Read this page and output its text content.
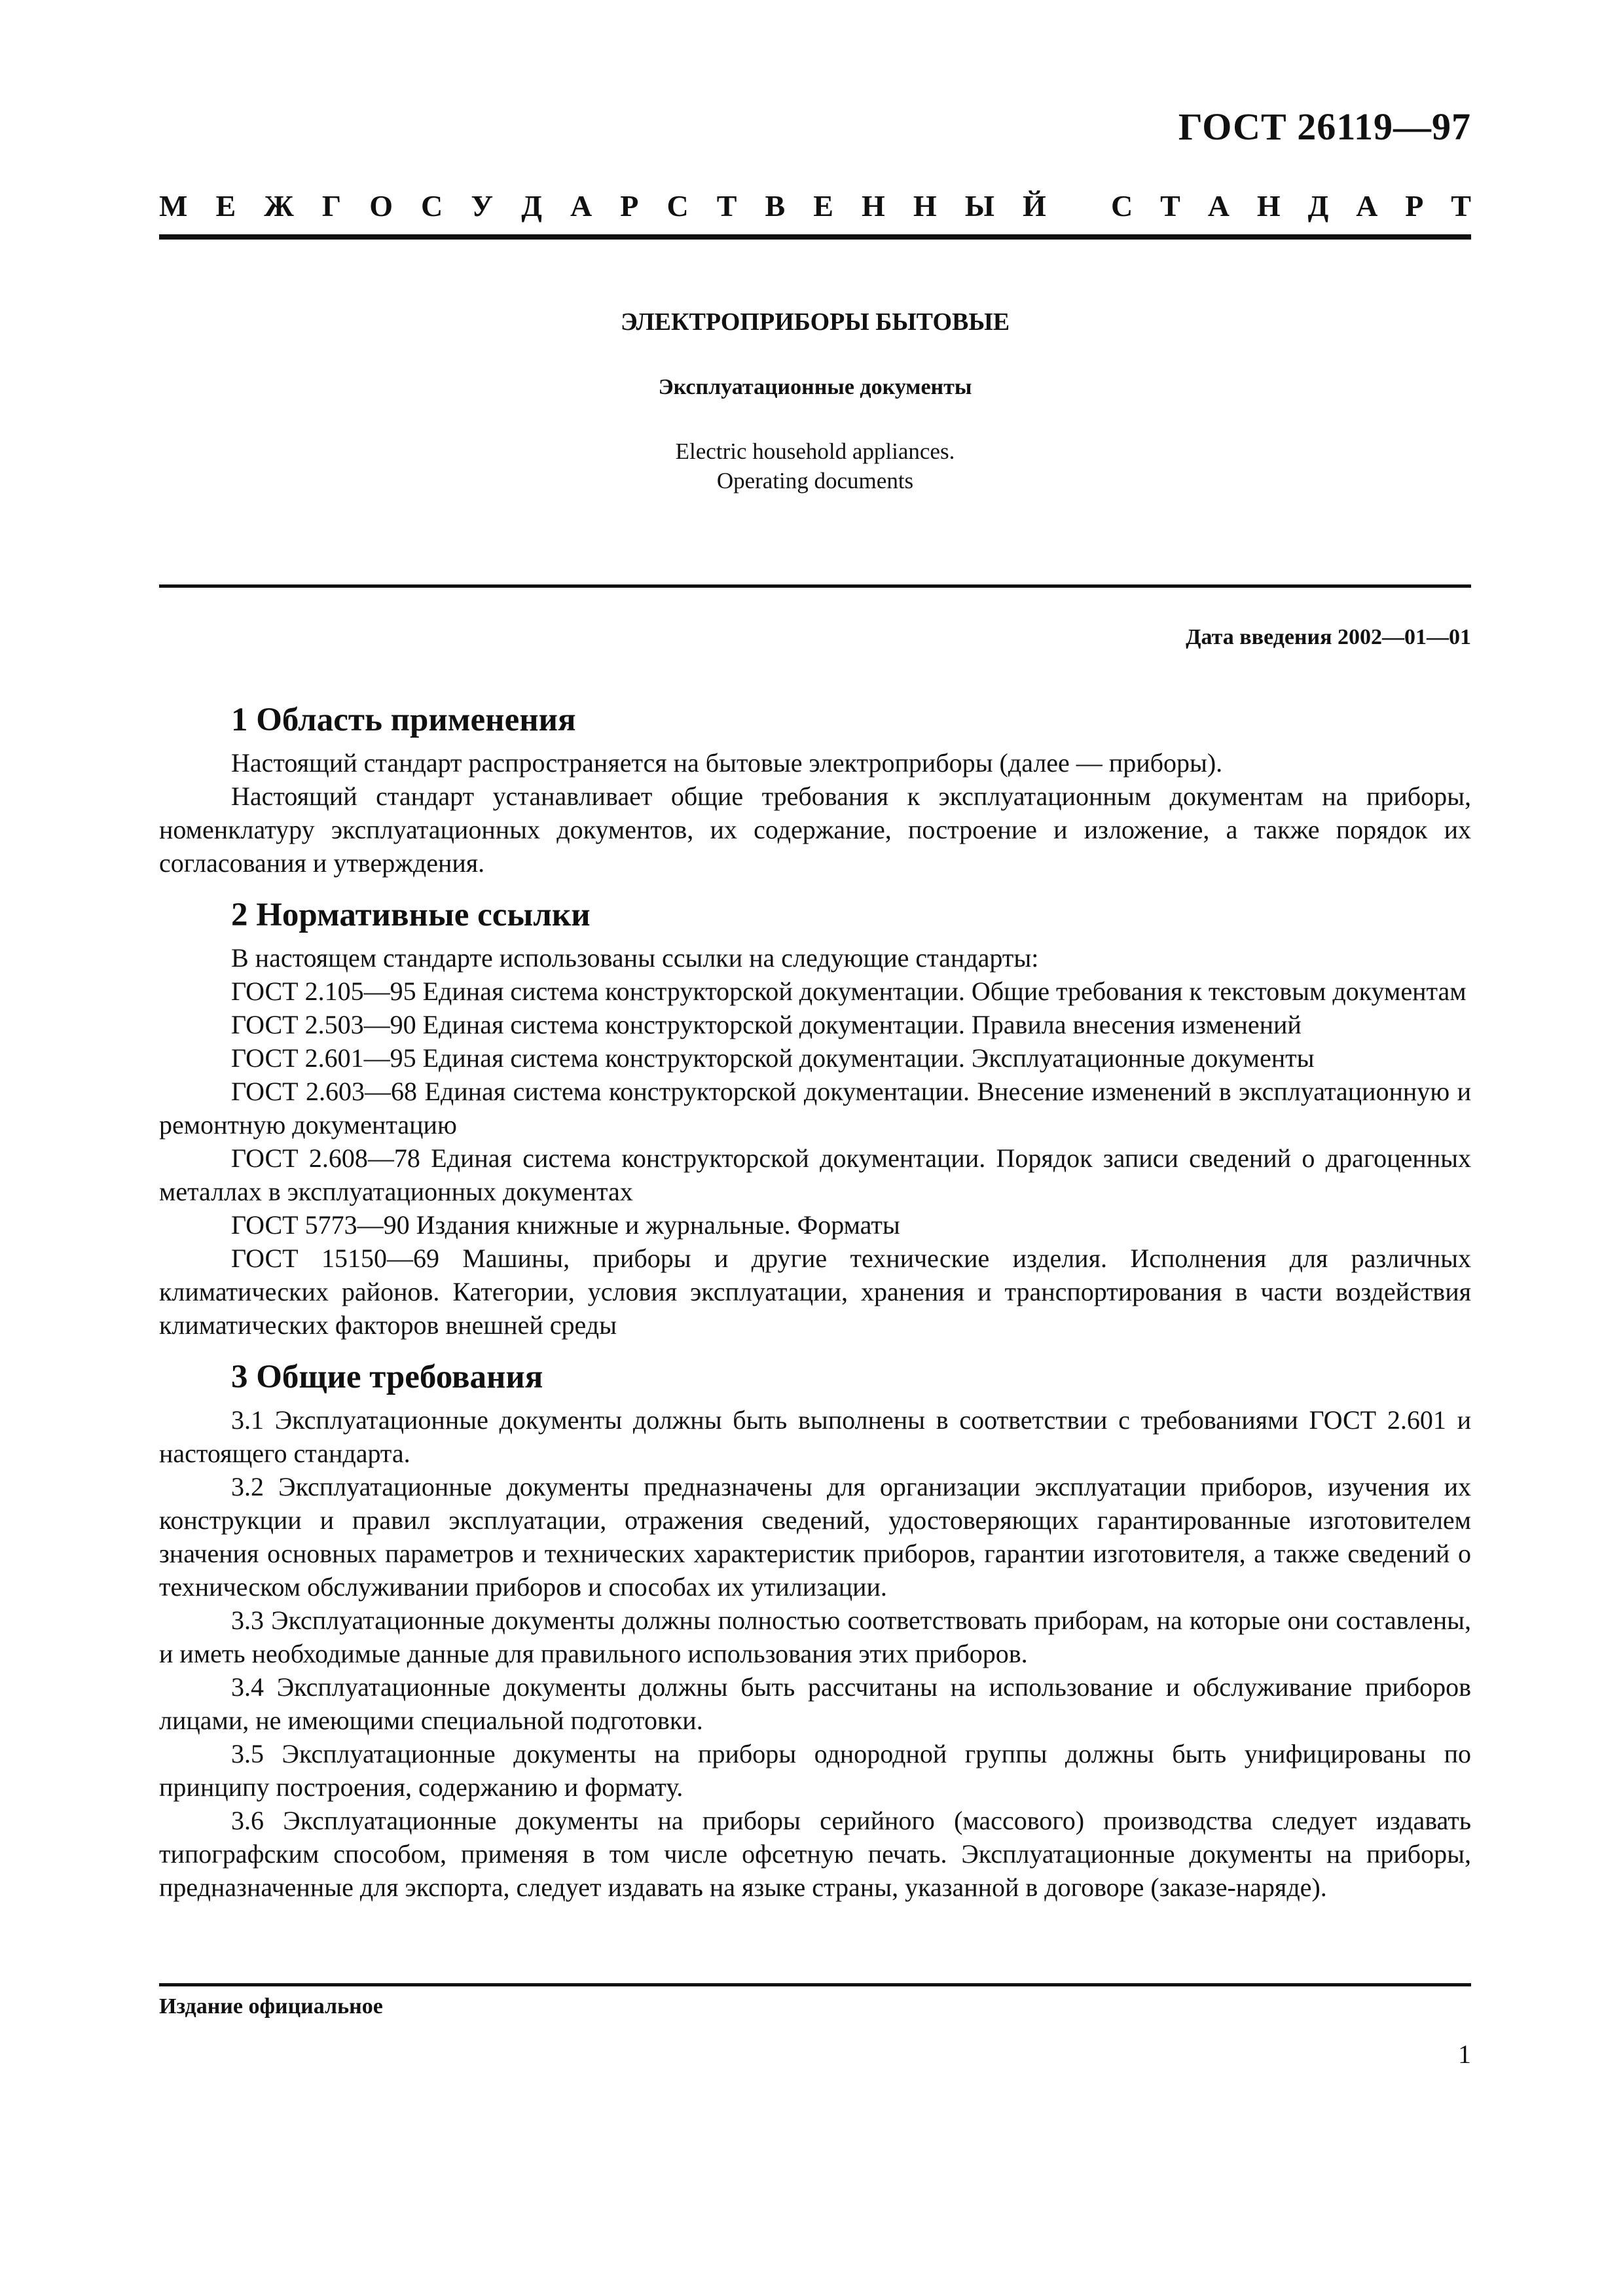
ГОСТ 26119—97
М Е Ж Г О С У Д А Р С Т В Е Н Н Ы Й С Т А Н Д А Р Т
ЭЛЕКТРОПРИБОРЫ БЫТОВЫЕ
Эксплуатационные документы
Electric household appliances.
Operating documents
Дата введения 2002—01—01
1 Область применения

Настоящий стандарт распространяется на бытовые электроприборы (далее — приборы).

Настоящий стандарт устанавливает общие требования к эксплуатационным документам на приборы, номенклатуру эксплуатационных документов, их содержание, построение и изложение, а также порядок их согласования и утверждения.

2 Нормативные ссылки

В настоящем стандарте использованы ссылки на следующие стандарты:

ГОСТ 2.105—95 Единая система конструкторской документации. Общие требования к текстовым документам

ГОСТ 2.503—90 Единая система конструкторской документации. Правила внесения изменений

ГОСТ 2.601—95 Единая система конструкторской документации. Эксплуатационные документы

ГОСТ 2.603—68 Единая система конструкторской документации. Внесение изменений в эксплуатационную и ремонтную документацию

ГОСТ 2.608—78 Единая система конструкторской документации. Порядок записи сведений о драгоценных металлах в эксплуатационных документах

ГОСТ 5773—90 Издания книжные и журнальные. Форматы

ГОСТ 15150—69 Машины, приборы и другие технические изделия. Исполнения для различных климатических районов. Категории, условия эксплуатации, хранения и транспортирования в части воздействия климатических факторов внешней среды

3 Общие требования

3.1 Эксплуатационные документы должны быть выполнены в соответствии с требованиями ГОСТ 2.601 и настоящего стандарта.

3.2 Эксплуатационные документы предназначены для организации эксплуатации приборов, изучения их конструкции и правил эксплуатации, отражения сведений, удостоверяющих гарантированные изготовителем значения основных параметров и технических характеристик приборов, гарантии изготовителя, а также сведений о техническом обслуживании приборов и способах их утилизации.

3.3 Эксплуатационные документы должны полностью соответствовать приборам, на которые они составлены, и иметь необходимые данные для правильного использования этих приборов.

3.4 Эксплуатационные документы должны быть рассчитаны на использование и обслуживание приборов лицами, не имеющими специальной подготовки.

3.5 Эксплуатационные документы на приборы однородной группы должны быть унифицированы по принципу построения, содержанию и формату.

3.6 Эксплуатационные документы на приборы серийного (массового) производства следует издавать типографским способом, применяя в том числе офсетную печать. Эксплуатационные документы на приборы, предназначенные для экспорта, следует издавать на языке страны, указанной в договоре (заказе-наряде).

Издание официальное
1
